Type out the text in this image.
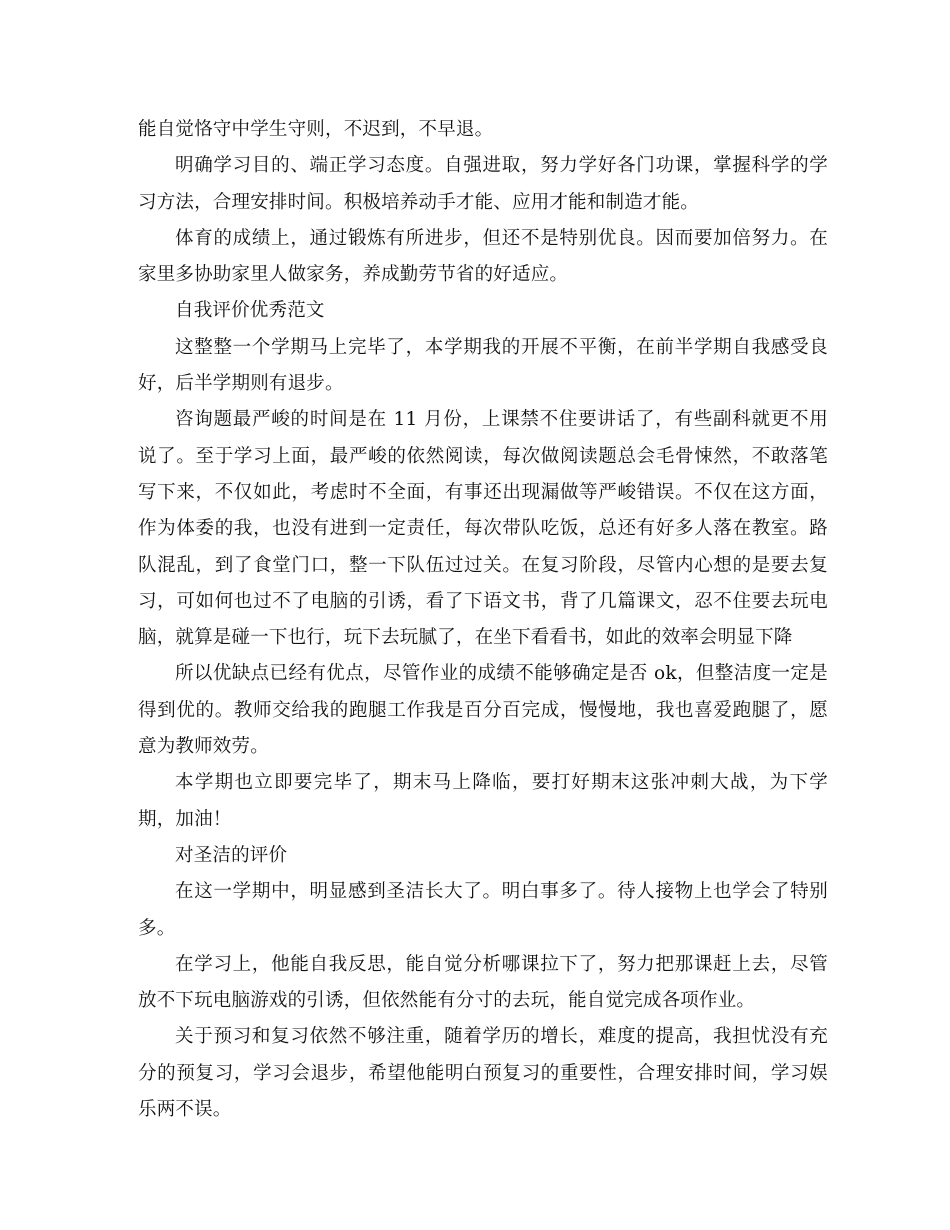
能自觉恪守中学生守则，不迟到，不早退。

明确学习目的、端正学习态度。自强进取，努力学好各门功课，掌握科学的学习方法，合理安排时间。积极培养动手才能、应用才能和制造才能。

体育的成绩上，通过锻炼有所进步，但还不是特别优良。因而要加倍努力。在家里多协助家里人做家务，养成勤劳节省的好适应。

自我评价优秀范文

这整整一个学期马上完毕了，本学期我的开展不平衡，在前半学期自我感受良好，后半学期则有退步。

咨询题最严峻的时间是在 11 月份，上课禁不住要讲话了，有些副科就更不用说了。至于学习上面，最严峻的依然阅读，每次做阅读题总会毛骨悚然，不敢落笔写下来，不仅如此，考虑时不全面，有事还出现漏做等严峻错误。不仅在这方面，作为体委的我，也没有进到一定责任，每次带队吃饭，总还有好多人落在教室。路队混乱，到了食堂门口，整一下队伍过过关。在复习阶段，尽管内心想的是要去复习，可如何也过不了电脑的引诱，看了下语文书，背了几篇课文，忍不住要去玩电脑，就算是碰一下也行，玩下去玩腻了，在坐下看看书，如此的效率会明显下降

所以优缺点已经有优点，尽管作业的成绩不能够确定是否 ok，但整洁度一定是得到优的。教师交给我的跑腿工作我是百分百完成，慢慢地，我也喜爱跑腿了，愿意为教师效劳。

本学期也立即要完毕了，期末马上降临，要打好期末这张冲刺大战，为下学期，加油！

对圣洁的评价

在这一学期中，明显感到圣洁长大了。明白事多了。待人接物上也学会了特别多。

在学习上，他能自我反思，能自觉分析哪课拉下了，努力把那课赶上去，尽管放不下玩电脑游戏的引诱，但依然能有分寸的去玩，能自觉完成各项作业。

关于预习和复习依然不够注重，随着学历的增长，难度的提高，我担忧没有充分的预复习，学习会退步，希望他能明白预复习的重要性，合理安排时间，学习娱乐两不误。
